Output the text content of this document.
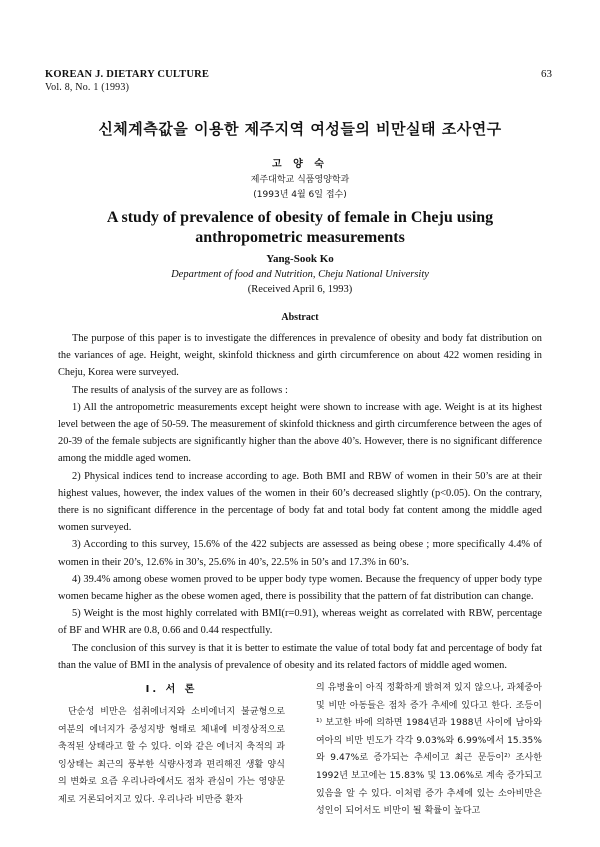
KOREAN J. DIETARY CULTURE
Vol. 8, No. 1 (1993)
63
신체계측값을 이용한 제주지역 여성들의 비만실태 조사연구
고 양 숙
제주대학교 식품영양학과
(1993년 4월 6일 접수)
A study of prevalence of obesity of female in Cheju using
anthropometric measurements
Yang-Sook Ko
Department of food and Nutrition, Cheju National University
(Received April 6, 1993)
Abstract

The purpose of this paper is to investigate the differences in prevalence of obesity and body fat distribution on the variances of age. Height, weight, skinfold thickness and girth circumference on about 422 women residing in Cheju, Korea were surveyed.

The results of analysis of the survey are as follows :

1) All the antropometric measurements except height were shown to increase with age. Weight is at its highest level between the age of 50-59. The measurement of skinfold thickness and girth circumference between the ages of 20-39 of the female subjects are significantly higher than the above 40’s. However, there is no significant difference among the middle aged women.

2) Physical indices tend to increase according to age. Both BMI and RBW of women in their 50’s are at their highest values, however, the index values of the women in their 60’s decreased slightly (p<0.05). On the contrary, there is no significant difference in the percentage of body fat and total body fat content among the middle aged women surveyed.

3) According to this survey, 15.6% of the 422 subjects are assessed as being obese ; more specifically 4.4% of women in their 20’s, 12.6% in 30’s, 25.6% in 40’s, 22.5% in 50’s and 17.3% in 60’s.

4) 39.4% among obese women proved to be upper body type women. Because the frequency of upper body type women became higher as the obese women aged, there is possibility that the pattern of fat distribution can change.

5) Weight is the most highly correlated with BMI(r=0.91), whereas weight as correlated with RBW, percentage of BF and WHR are 0.8, 0.66 and 0.44 respectfully.

The conclusion of this survey is that it is better to estimate the value of total body fat and percentage of body fat than the value of BMI in the analysis of prevalence of obesity and its related factors of middle aged women.

I. 서 론

단순성 비만은 섭취에너지와 소비에너지 불균형으로 여분의 에너지가 중성지방 형태로 체내에 비정상적으로 축적된 상태라고 할 수 있다. 이와 같은 에너지 축적의 과잉상태는 최근의 풍부한 식량사정과 편리해진 생활 양식의 변화로 요즘 우리나라에서도 점차 관심이 가는 영양문제로 거론되어지고 있다. 우리나라 비만증 환자

의 유병율이 아직 정확하게 밝혀져 있지 않으나, 과체중아 및 비만 아동들은 점차 증가 추세에 있다고 한다. 조등이¹⁾ 보고한 바에 의하면 1984년과 1988년 사이에 남아와 여아의 비만 빈도가 각각 9.03%와 6.99%에서 15.35%와 9.47%로 증가되는 추세이고 최근 문등이²⁾ 조사한 1992년 보고에는 15.83% 및 13.06%로 계속 증가되고 있음을 알 수 있다. 이처럼 증가 추세에 있는 소아비만은 성인이 되어서도 비만이 될 확률이 높다고
